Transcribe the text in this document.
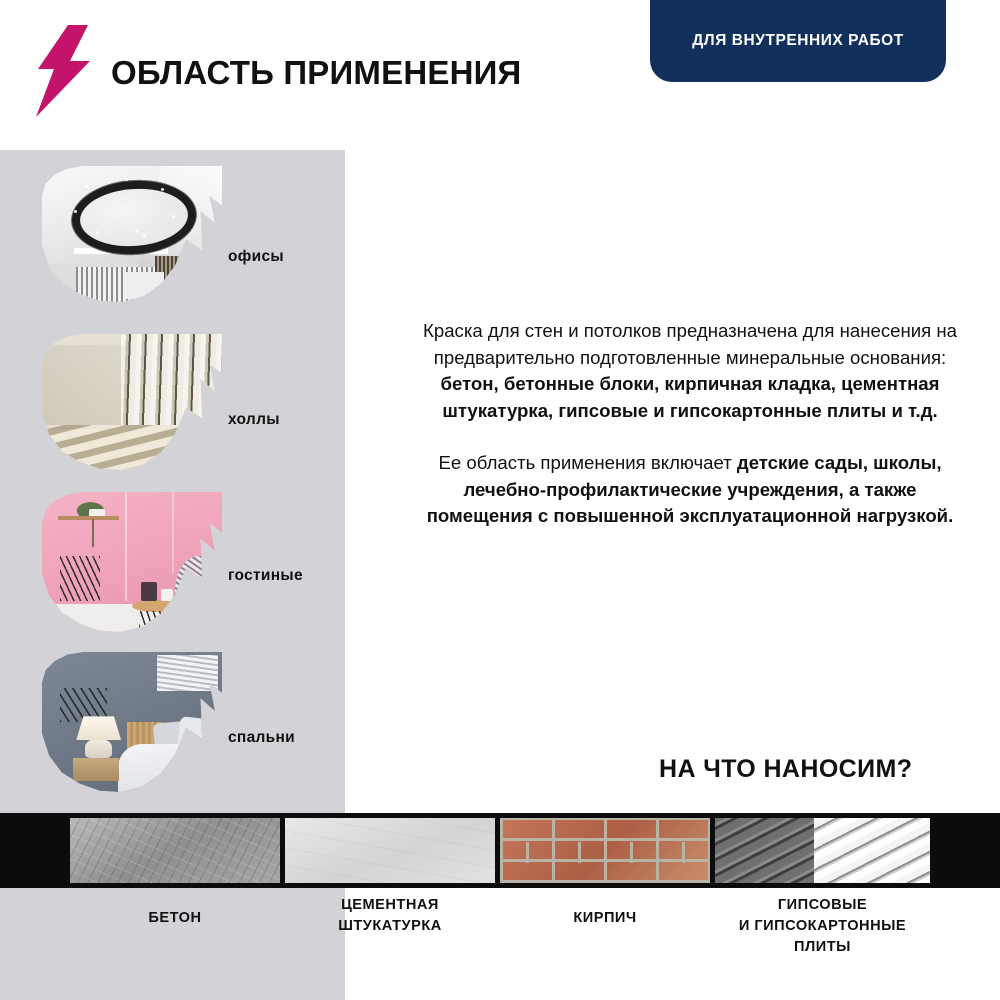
ДЛЯ ВНУТРЕННИХ РАБОТ
ОБЛАСТЬ ПРИМЕНЕНИЯ
офисы
холлы
гостиные
спальни

Краска для стен и потолков предназначена для нанесения на предварительно подготовленные минеральные основания: бетон, бетонные блоки, кирпичная кладка, цементная штукатурка, гипсовые и гипсокартонные плиты и т.д.

Ее область применения включает детские сады, школы, лечебно-профилактические учреждения, а также помещения с повышенной эксплуатационной нагрузкой.

НА ЧТО НАНОСИМ?
БЕТОН
ЦЕМЕНТНАЯ
ШТУКАТУРКА	КИРПИЧ
ГИПСОВЫЕ
И ГИПСОКАРТОННЫЕ
ПЛИТЫ
